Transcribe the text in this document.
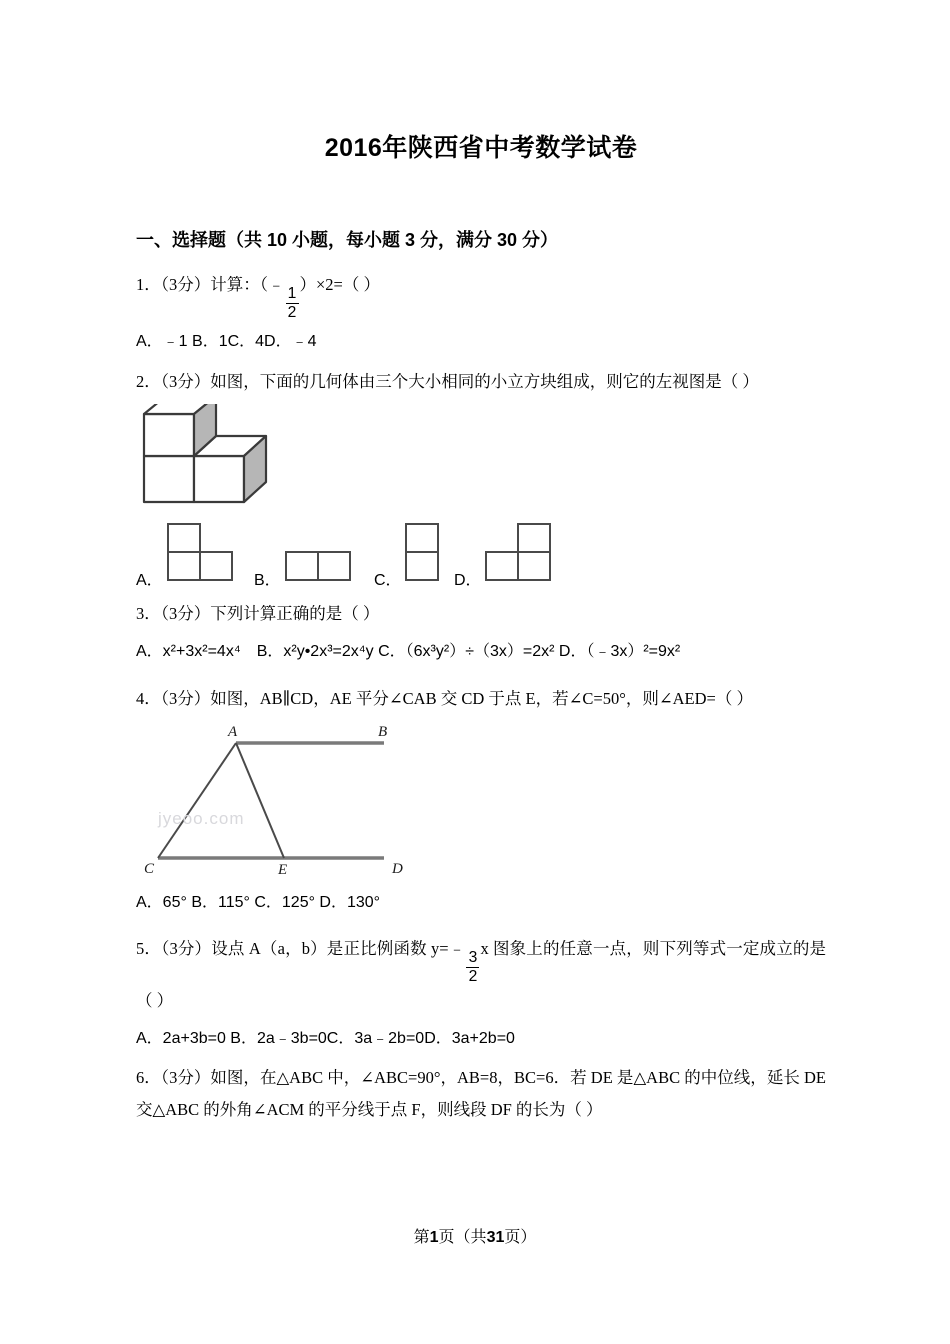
2016年陕西省中考数学试卷
一、选择题（共 10 小题，每小题 3 分，满分 30 分）
1．（3分）计算：（﹣
$\frac{1}{2}$
）×2=（ ）
A．﹣1 B．1C．4D．﹣4
2．（3分）如图，下面的几何体由三个大小相同的小立方块组成，则它的左视图是（ ）
A．	B．	C．	D．
3．（3分）下列计算正确的是（ ）
A．x²+3x²=4x⁴　B．x²y•2x³=2x⁴y C．（6x³y²）÷（3x）=2x² D．（﹣3x）²=9x²
4．（3分）如图，AB∥CD，AE 平分∠CAB 交 CD 于点 E，若∠C=50°，则∠AED=（ ）
jyeoo.com
A	B
C	D
E
A．65° B．115° C．125° D．130°
5．（3分）设点 A（a，b）是正比例函数 y=﹣
$\frac{3}{2}$
x 图象上的任意一点，则下列等式一定成立的是（ ）
A．2a+3b=0 B．2a﹣3b=0C．3a﹣2b=0D．3a+2b=0
6．（3分）如图，在△ABC 中，∠ABC=90°，AB=8，BC=6．若 DE 是△ABC 的中位线，延长 DE 交△ABC 的外角∠ACM 的平分线于点 F，则线段 DF 的长为（ ）
第1页（共31页）
